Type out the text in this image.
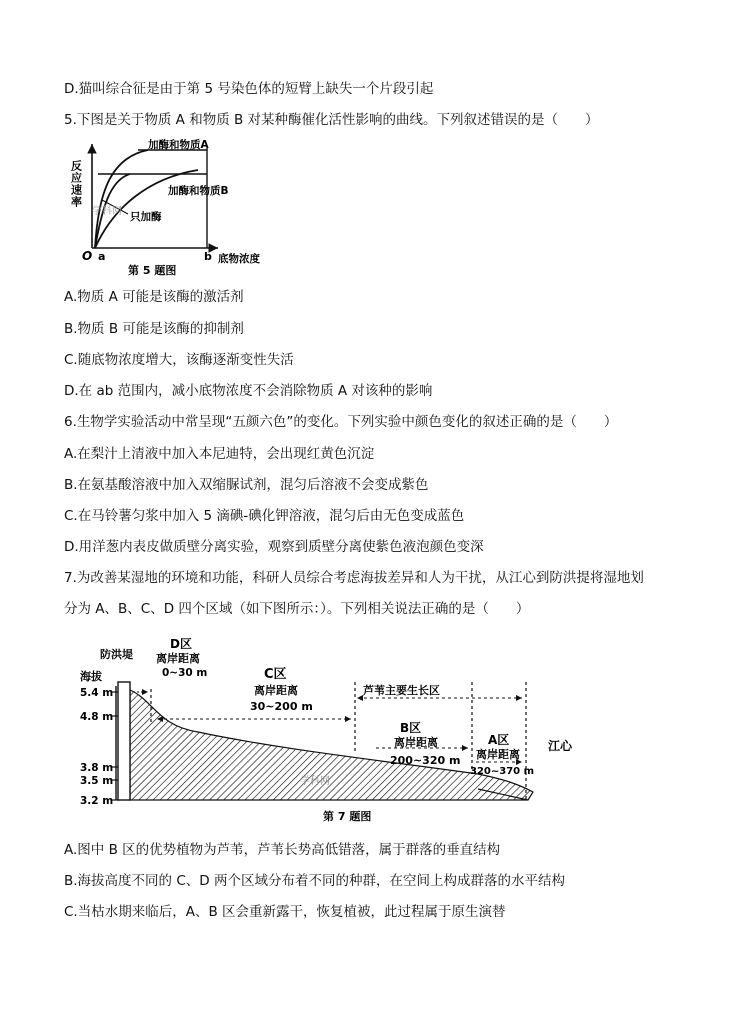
D.猫叫综合征是由于第 5 号染色体的短臂上缺失一个片段引起
5.下图是关于物质 A 和物质 B 对某种酶催化活性影响的曲线。下列叙述错误的是（　　）
反应速率
O a	b 底物浓度
加酶和物质A
加酶和物质B
只加酶
学科网
第 5 题图
A.物质 A 可能是该酶的激活剂
B.物质 B 可能是该酶的抑制剂
C.随底物浓度增大，该酶逐渐变性失活
D.在 ab 范围内，减小底物浓度不会消除物质 A 对该种的影响
6.生物学实验活动中常呈现“五颜六色”的变化。下列实验中颜色变化的叙述正确的是（　　）
A.在梨汁上清液中加入本尼迪特，会出现红黄色沉淀
B.在氨基酸溶液中加入双缩脲试剂，混匀后溶液不会变成紫色
C.在马铃薯匀浆中加入 5 滴碘-碘化钾溶液，混匀后由无色变成蓝色
D.用洋葱内表皮做质壁分离实验，观察到质壁分离使紫色液泡颜色变深
7.为改善某湿地的环境和功能，科研人员综合考虑海拔差异和人为干扰，从江心到防洪提将湿地划
分为 A、B、C、D 四个区域（如下图所示：）。下列相关说法正确的是（　　）
防洪堤
海拔
5.4 m
4.8 m
3.8 m
3.5 m
3.2 m
D区
离岸距离
0~30 m	C区
离岸距离
30~200 m
芦苇主要生长区
B区
离岸距离
200~320 m
A区
离岸距离
320~370 m
江心
学科网
第 7 题图
A.图中 B 区的优势植物为芦苇，芦苇长势高低错落，属于群落的垂直结构
B.海拔高度不同的 C、D 两个区域分布着不同的种群，在空间上构成群落的水平结构
C.当枯水期来临后，A、B 区会重新露干，恢复植被，此过程属于原生演替
